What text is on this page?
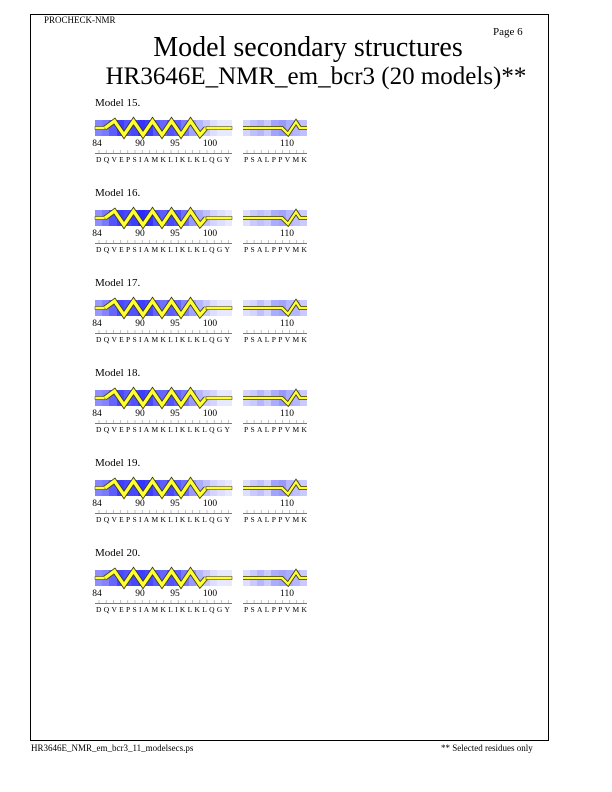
PROCHECK-NMR
Page 6
Model secondary structures
HR3646E_NMR_em_bcr3 (20 models)**
Model 15.
84	90	95 100	110
D Q V E P S I A M K L I K L K L Q G Y P S A L P P V M K
Model 16.
84	90	95 100	110
D Q V E P S I A M K L I K L K L Q G Y P S A L P P V M K
Model 17.
84	90	95 100	110
D Q V E P S I A M K L I K L K L Q G Y P S A L P P V M K
Model 18.
84	90	95 100	110
D Q V E P S I A M K L I K L K L Q G Y P S A L P P V M K
Model 19.
84	90	95 100	110
D Q V E P S I A M K L I K L K L Q G Y P S A L P P V M K
Model 20.
84	90	95 100	110
D Q V E P S I A M K L I K L K L Q G Y P S A L P P V M K
HR3646E_NMR_em_bcr3_11_modelsecs.ps	** Selected residues only
